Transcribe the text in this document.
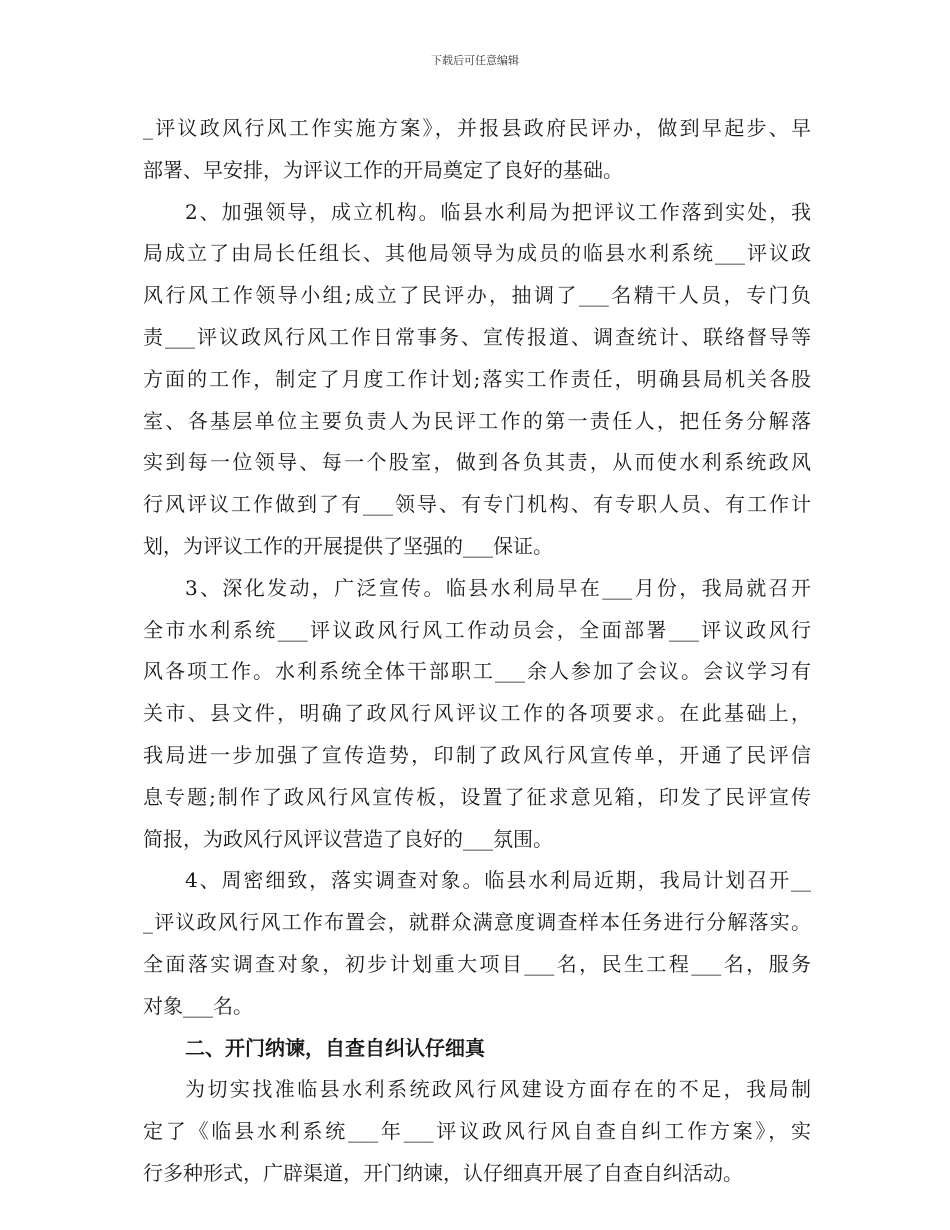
下载后可任意编辑
_评议政风行风工作实施方案》，并报县政府民评办，做到早起步、早
部署、早安排，为评议工作的开局奠定了良好的基础。
2、加强领导，成立机构。临县水利局为把评议工作落到实处，我
局成立了由局长任组长、其他局领导为成员的临县水利系统___评议政
风行风工作领导小组;成立了民评办，抽调了___名精干人员，专门负
责___评议政风行风工作日常事务、宣传报道、调查统计、联络督导等
方面的工作，制定了月度工作计划;落实工作责任，明确县局机关各股
室、各基层单位主要负责人为民评工作的第一责任人，把任务分解落
实到每一位领导、每一个股室，做到各负其责，从而使水利系统政风
行风评议工作做到了有___领导、有专门机构、有专职人员、有工作计
划，为评议工作的开展提供了坚强的___保证。
3、深化发动，广泛宣传。临县水利局早在___月份，我局就召开
全市水利系统___评议政风行风工作动员会，全面部署___评议政风行
风各项工作。水利系统全体干部职工___余人参加了会议。会议学习有
关市、县文件，明确了政风行风评议工作的各项要求。在此基础上，
我局进一步加强了宣传造势，印制了政风行风宣传单，开通了民评信
息专题;制作了政风行风宣传板，设置了征求意见箱，印发了民评宣传
简报，为政风行风评议营造了良好的___氛围。
4、周密细致，落实调查对象。临县水利局近期，我局计划召开__
_评议政风行风工作布置会，就群众满意度调查样本任务进行分解落实。
全面落实调查对象，初步计划重大项目___名，民生工程___名，服务
对象___名。
二、开门纳谏，自查自纠认仔细真
为切实找准临县水利系统政风行风建设方面存在的不足，我局制
定了《临县水利系统___年___评议政风行风自查自纠工作方案》，实
行多种形式，广辟渠道，开门纳谏，认仔细真开展了自查自纠活动。
